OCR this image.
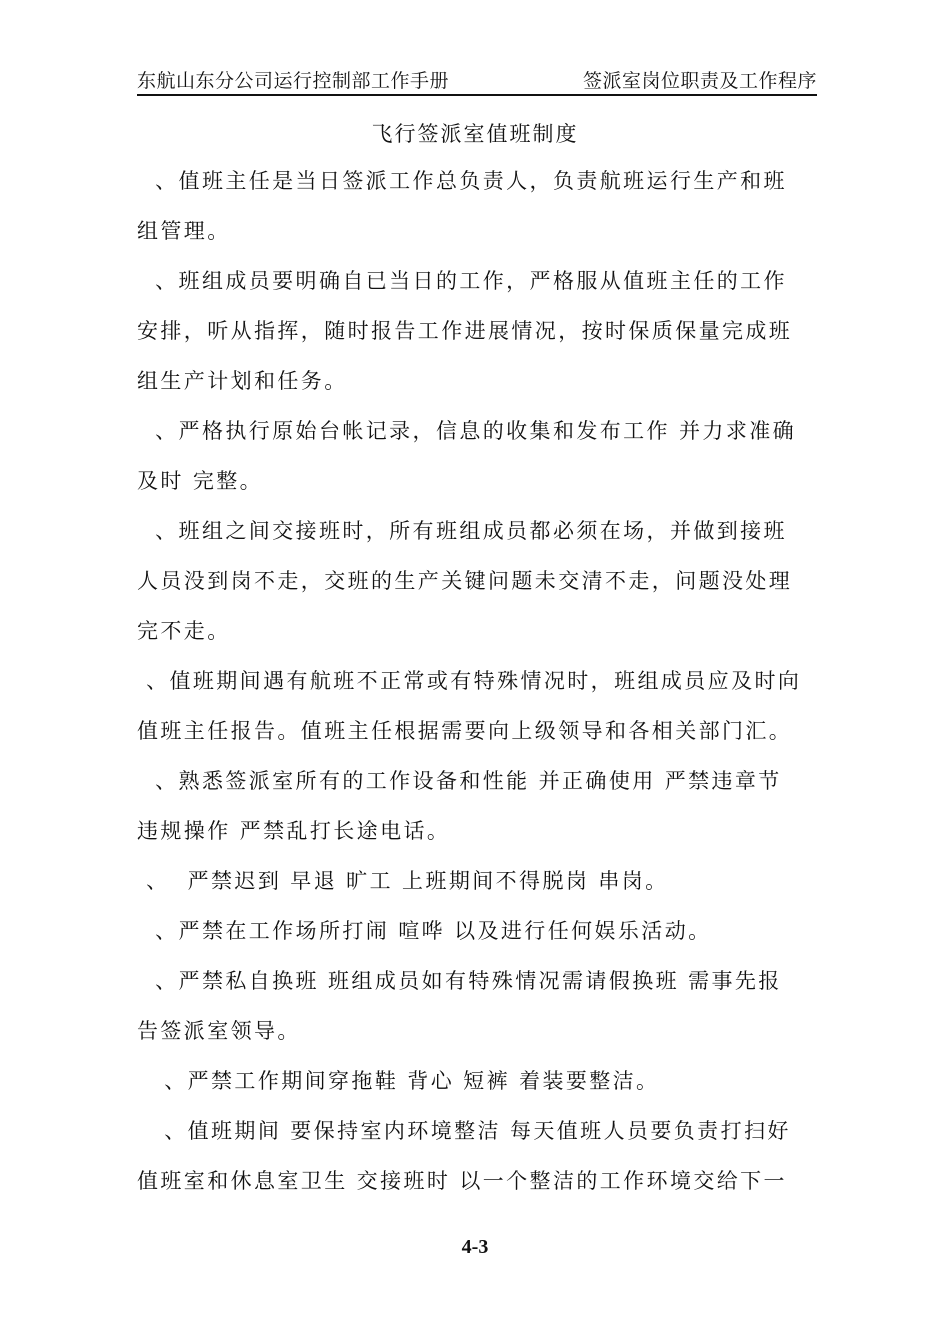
东航山东分公司运行控制部工作手册	签派室岗位职责及工作程序
飞行签派室值班制度
、值班主任是当日签派工作总负责人，负责航班运行生产和班
组管理。
、班组成员要明确自已当日的工作，严格服从值班主任的工作
安排，听从指挥，随时报告工作进展情况，按时保质保量完成班
组生产计划和任务。
、严格执行原始台帐记录，信息的收集和发布工作 并力求准确
及时 完整。
、班组之间交接班时，所有班组成员都必须在场，并做到接班
人员没到岗不走，交班的生产关键问题未交清不走，问题没处理
完不走。
、值班期间遇有航班不正常或有特殊情况时，班组成员应及时向
值班主任报告。值班主任根据需要向上级领导和各相关部门汇。
、熟悉签派室所有的工作设备和性能 并正确使用 严禁违章节
违规操作 严禁乱打长途电话。
、  严禁迟到 早退 旷工 上班期间不得脱岗 串岗。
、严禁在工作场所打闹 喧哗 以及进行任何娱乐活动。
、严禁私自换班 班组成员如有特殊情况需请假换班 需事先报
告签派室领导。
、严禁工作期间穿拖鞋 背心 短裤 着装要整洁。
、值班期间 要保持室内环境整洁 每天值班人员要负责打扫好
值班室和休息室卫生 交接班时 以一个整洁的工作环境交给下一
4-3
